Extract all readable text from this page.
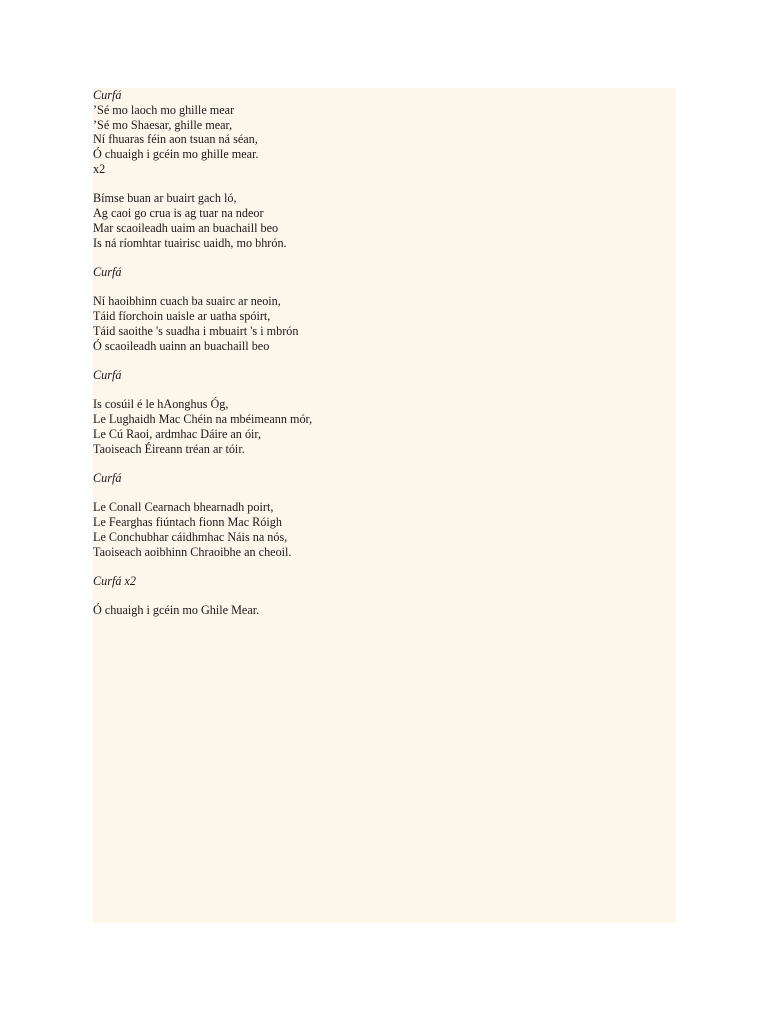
Curfá
’Sé mo laoch mo ghille mear
’Sé mo Shaesar, ghille mear,
Ní fhuaras féin aon tsuan ná séan,
Ó chuaigh i gcéin mo ghille mear.
x2
Bímse buan ar buairt gach ló,
Ag caoi go crua is ag tuar na ndeor
Mar scaoileadh uaim an buachaill beo
Is ná ríomhtar tuairisc uaidh, mo bhrón.
Curfá
Ní haoibhinn cuach ba suairc ar neoin,
Táid fíorchoin uaisle ar uatha spóirt,
Táid saoithe 's suadha i mbuairt 's i mbrón
Ó scaoileadh uainn an buachaill beo
Curfá
Is cosúil é le hAonghus Óg,
Le Lughaidh Mac Chéin na mbéimeann mór,
Le Cú Raoi, ardmhac Dáire an óir,
Taoiseach Éireann tréan ar tóir.
Curfá
Le Conall Cearnach bhearnadh poirt,
Le Fearghas fiúntach fionn Mac Róigh
Le Conchubhar cáidhmhac Náis na nós,
Taoiseach aoibhinn Chraoibhe an cheoil.
Curfá x2
Ó chuaigh i gcéin mo Ghile Mear.
